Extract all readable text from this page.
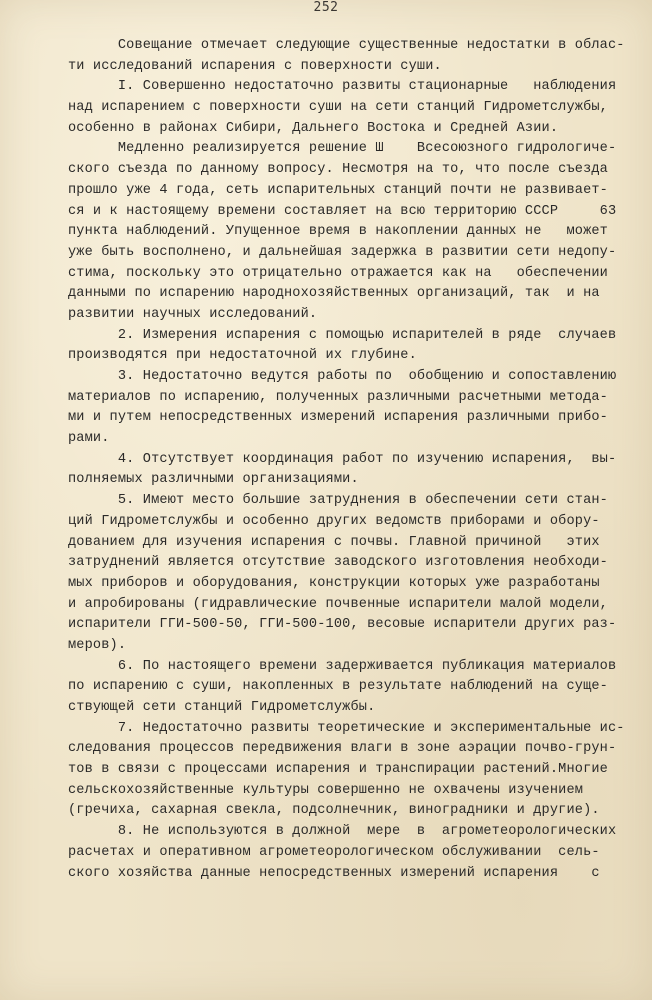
252
Совещание отмечает следующие существенные недостатки в облас-
ти исследований испарения с поверхности суши.
I. Совершенно недостаточно развиты стационарные   наблюдения
над испарением с поверхности суши на сети станций Гидрометслужбы,
особенно в районах Сибири, Дальнего Востока и Средней Азии.
Медленно реализируется решение Ш    Всесоюзного гидрологиче-
ского съезда по данному вопросу. Несмотря на то, что после съезда
прошло уже 4 года, сеть испарительных станций почти не развивает-
ся и к настоящему времени составляет на всю территорию СССР     63
пункта наблюдений. Упущенное время в накоплении данных не   может
уже быть восполнено, и дальнейшая задержка в развитии сети недопу-
стима, поскольку это отрицательно отражается как на   обеспечении
данными по испарению народнохозяйственных организаций, так  и на
развитии научных исследований.
2. Измерения испарения с помощью испарителей в ряде  случаев
производятся при недостаточной их глубине.
3. Недостаточно ведутся работы по  обобщению и сопоставлению
материалов по испарению, полученных различными расчетными метода-
ми и путем непосредственных измерений испарения различными прибо-
рами.
4. Отсутствует координация работ по изучению испарения,  вы-
полняемых различными организациями.
5. Имеют место большие затруднения в обеспечении сети стан-
ций Гидрометслужбы и особенно других ведомств приборами и обору-
дованием для изучения испарения с почвы. Главной причиной   этих
затруднений является отсутствие заводского изготовления необходи-
мых приборов и оборудования, конструкции которых уже разработаны
и апробированы (гидравлические почвенные испарители малой модели,
испарители ГГИ-500-50, ГГИ-500-100, весовые испарители других раз-
меров).
6. По настоящего времени задерживается публикация материалов
по испарению с суши, накопленных в результате наблюдений на суще-
ствующей сети станций Гидрометслужбы.
7. Недостаточно развиты теоретические и экспериментальные ис-
следования процессов передвижения влаги в зоне аэрации почво-грун-
тов в связи с процессами испарения и транспирации растений.Многие
сельскохозяйственные культуры совершенно не охвачены изучением
(гречиха, сахарная свекла, подсолнечник, виноградники и другие).
8. Не используются в должной  мере  в  агрометеорологических
расчетах и оперативном агрометеорологическом обслуживании  сель-
ского хозяйства данные непосредственных измерений испарения    с
